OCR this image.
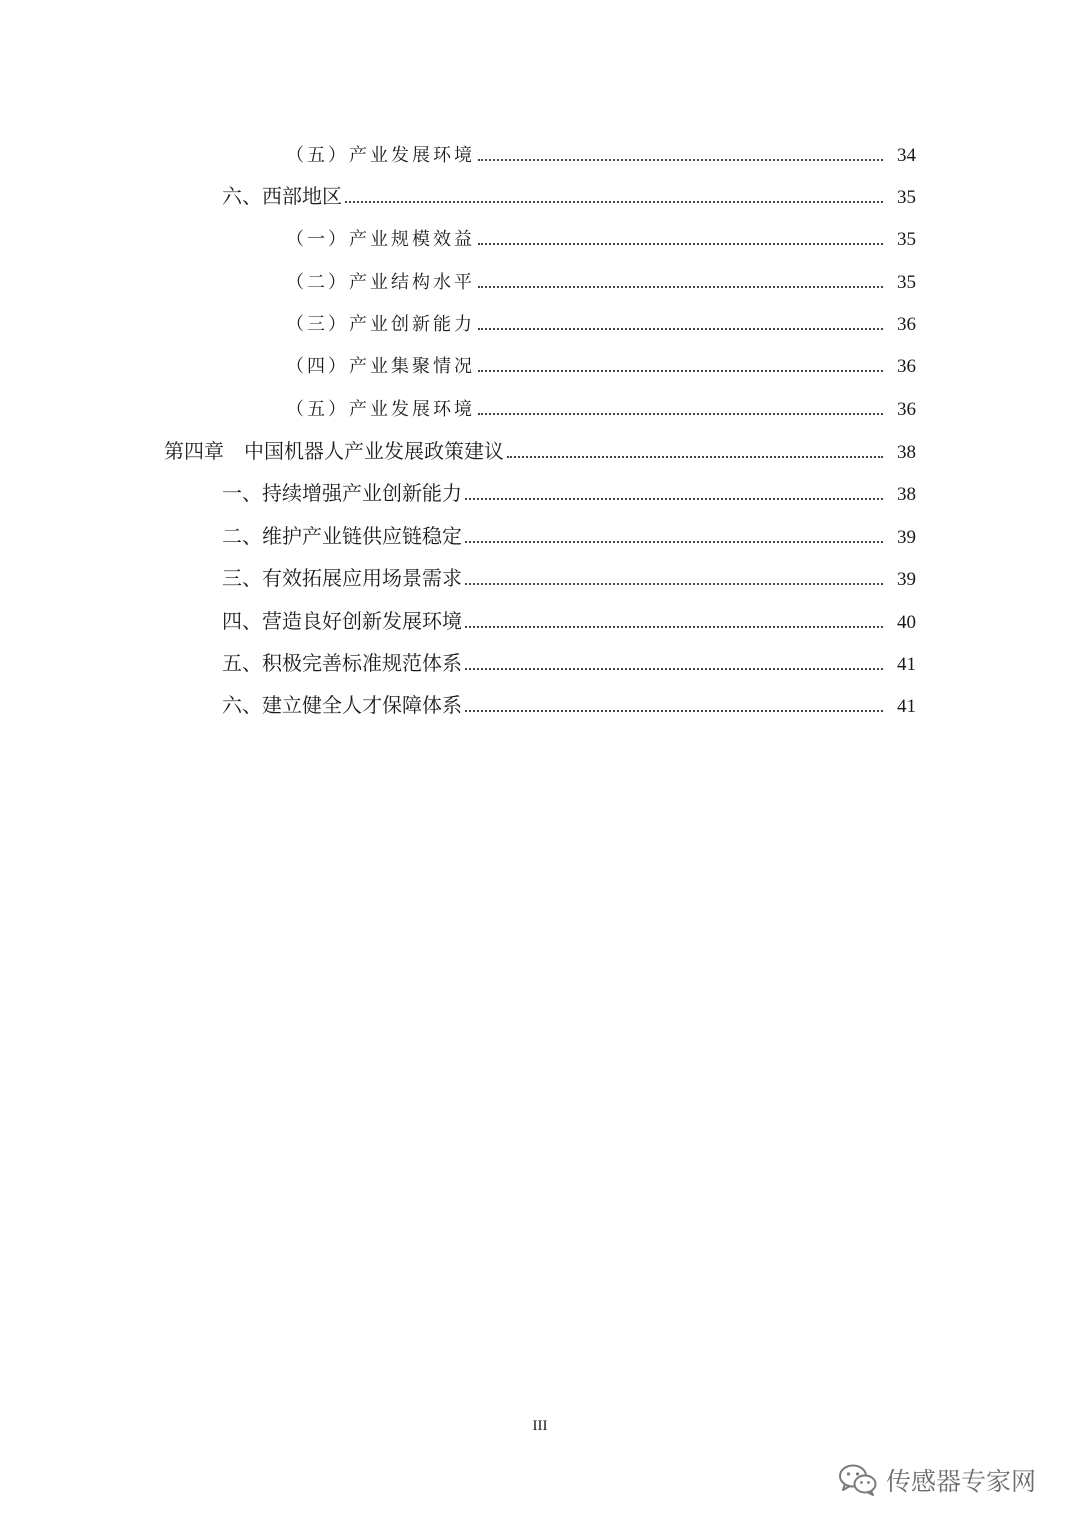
（五）产业发展环境	34
六、西部地区	35
（一）产业规模效益	35
（二）产业结构水平	35
（三）产业创新能力	36
（四）产业集聚情况	36
（五）产业发展环境	36
第四章　中国机器人产业发展政策建议	38
一、持续增强产业创新能力	38
二、维护产业链供应链稳定	39
三、有效拓展应用场景需求	39
四、营造良好创新发展环境	40
五、积极完善标准规范体系	41
六、建立健全人才保障体系	41
III
传感器专家网
